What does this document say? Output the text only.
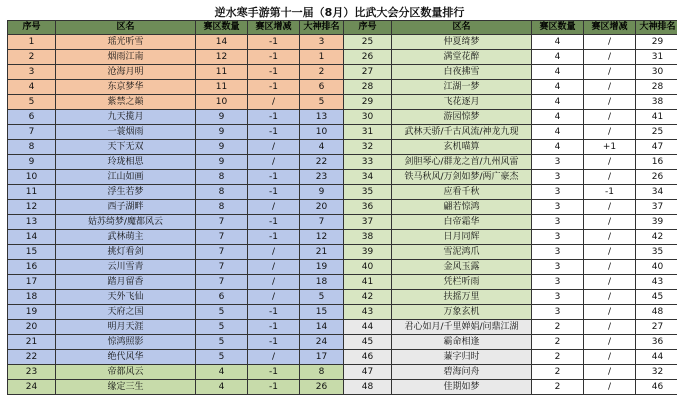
逆水寒手游第十一届（8月）比武大会分区数量排行
序号	区名	赛区数量	赛区增减	大神排名	序号	区名	赛区数量	赛区增减	大神排名
1	瑶光听雪	14	-1	3	25	仲夏绮梦	4	/	29
2	烟雨江南	12	-1	1	26	满堂花醉	4	/	31
3	沧海月明	11	-1	2	27	白夜拂雪	4	/	30
4	东京梦华	11	-1	6	28	江湖一梦	4	/	28
5	紫禁之巅	10	/	5	29	飞花逐月	4	/	38
6	九天揽月	9	-1	13	30	游园惊梦	4	/	41
7	一蓑烟雨	9	-1	10	31	武林天骄/千古风流/神龙九现	4	/	25
8	天下无双	9	/	4	32	玄机喵算	4	+1	47
9	玲珑相思	9	/	22	33	剑胆琴心/群龙之首/九州风雷	3	/	16
10	江山如画	8	-1	23	34	铁马秋风/万剑如梦/两广豪杰	3	/	26
11	浮生若梦	8	-1	9	35	应看千秋	3	-1	34
12	西子湖畔	8	/	20	36	翩若惊鸿	3	/	37
13	姑苏绮梦/魔都风云	7	-1	7	37	白帝霜华	3	/	39
14	武林萌主	7	-1	12	38	日月同辉	3	/	42
15	挑灯看剑	7	/	21	39	雪泥鸿爪	3	/	35
16	云川雪青	7	/	19	40	金风玉露	3	/	40
17	踏月留香	7	/	18	41	凭栏听雨	3	/	43
18	天外飞仙	6	/	5	42	扶摇万里	3	/	45
19	天府之国	5	-1	15	43	万象玄机	3	/	48
20	明月天涯	5	-1	14	44	君心如月/千里婵娟/问鼎江湖	2	/	27
21	惊鸿照影	5	-1	24	45	霸命相逢	2	/	36
22	绝代风华	5	/	17	46	蒹字归时	2	/	44
23	帝都风云	4	-1	8	47	碧海问舟	2	/	32
24	缘定三生	4	-1	26	48	佳期如梦	2	/	46
